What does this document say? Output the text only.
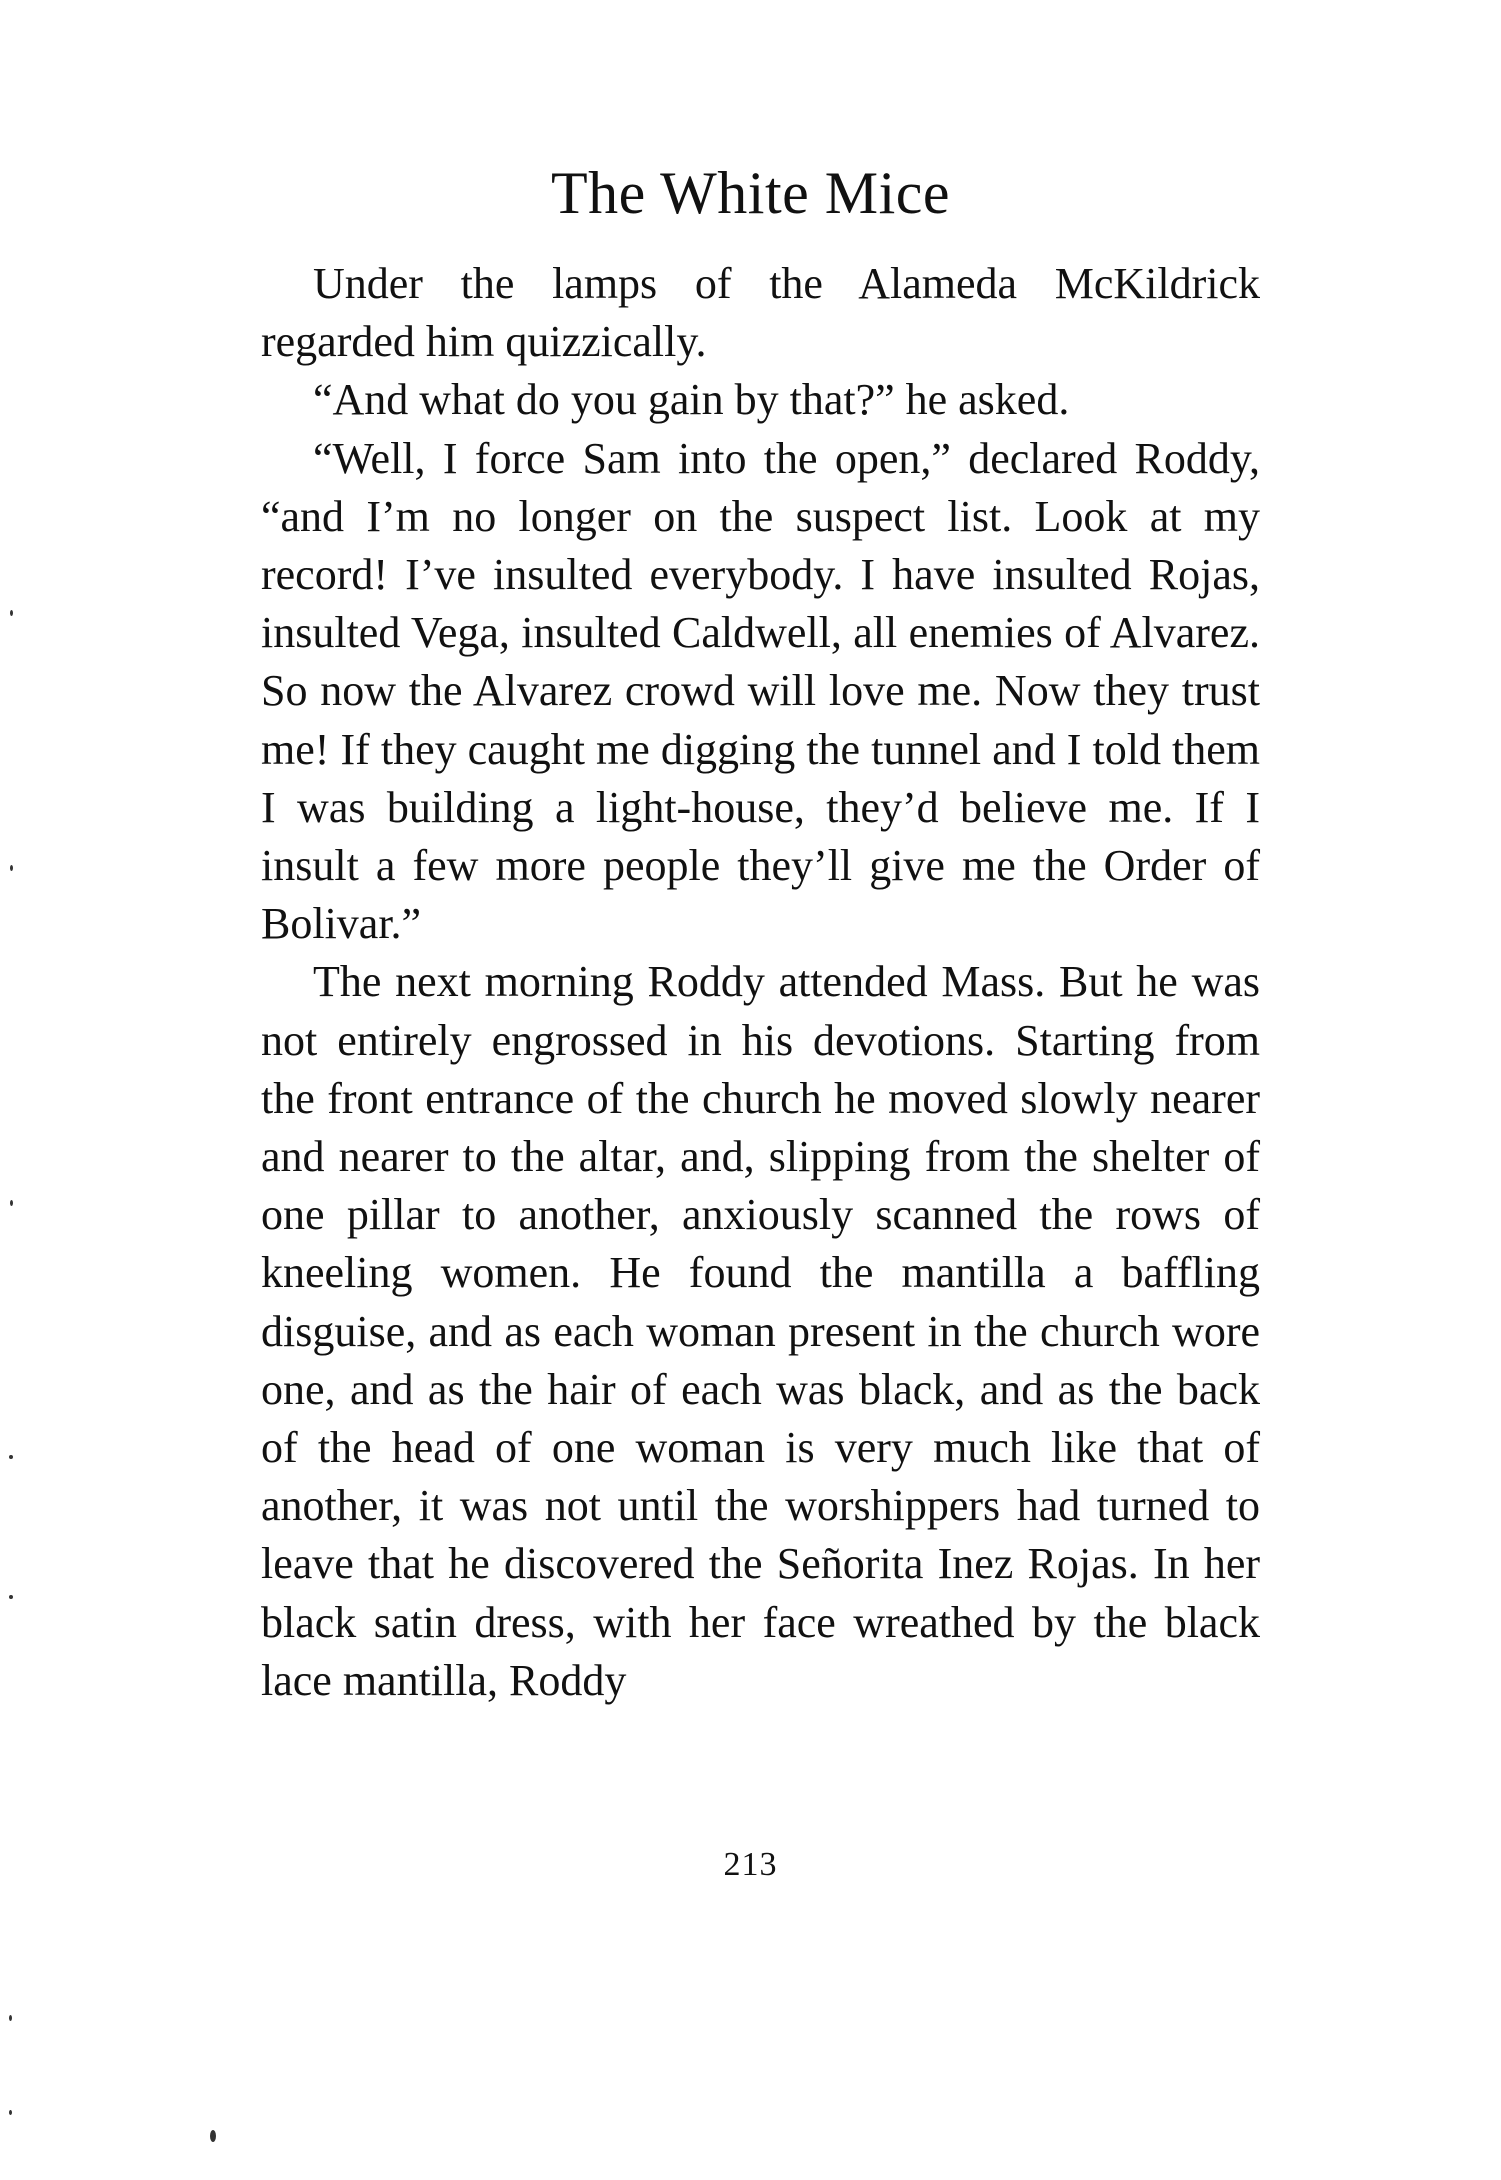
The White Mice

Under the lamps of the Alameda McKildrick regarded him quizzically.

“And what do you gain by that?” he asked.

“Well, I force Sam into the open,” declared Roddy, “and I’m no longer on the suspect list. Look at my record! I’ve insulted everybody. I have insulted Rojas, insulted Vega, insulted Caldwell, all enemies of Alvarez. So now the Alvarez crowd will love me. Now they trust me! If they caught me digging the tunnel and I told them I was building a light-house, they’d believe me. If I insult a few more people they’ll give me the Order of Bolivar.”

The next morning Roddy attended Mass. But he was not entirely engrossed in his devotions. Starting from the front entrance of the church he moved slowly nearer and nearer to the altar, and, slipping from the shelter of one pillar to another, anxiously scanned the rows of kneeling women. He found the mantilla a baffling disguise, and as each woman present in the church wore one, and as the hair of each was black, and as the back of the head of one woman is very much like that of another, it was not until the worshippers had turned to leave that he discovered the Señorita Inez Rojas. In her black satin dress, with her face wreathed by the black lace mantilla, Roddy

213
